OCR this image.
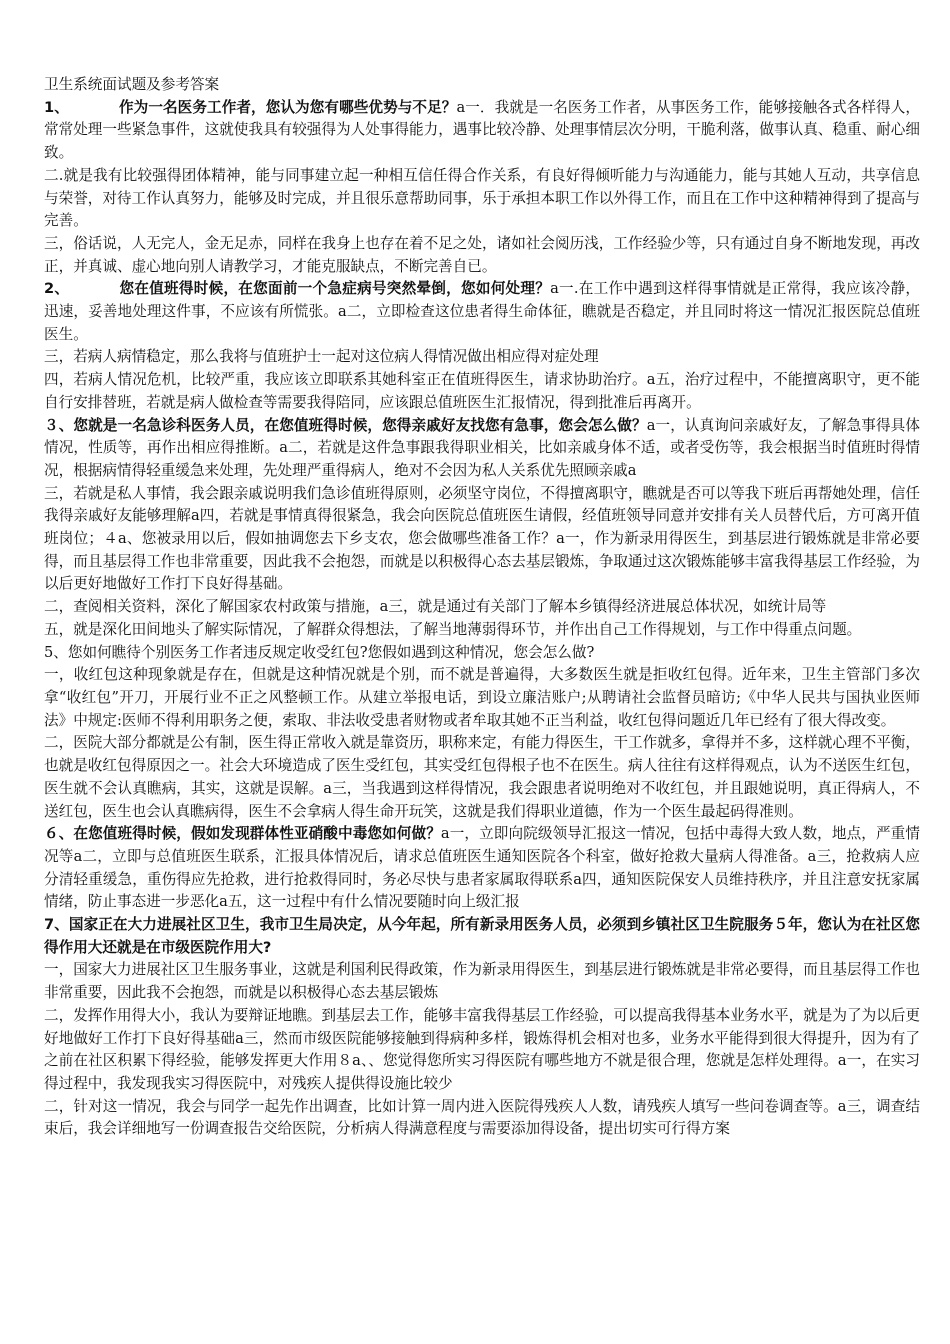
卫生系统面试题及参考答案

1、	作为一名医务工作者，您认为您有哪些优势与不足？a一．我就是一名医务工作者，从事医务工作，能够接触各式各样得人，常常处理一些紧急事件，这就使我具有较强得为人处事得能力，遇事比较冷静、处理事情层次分明，干脆利落，做事认真、稳重、耐心细致。

二.就是我有比较强得团体精神，能与同事建立起一种相互信任得合作关系，有良好得倾听能力与沟通能力，能与其她人互动，共享信息与荣誉，对待工作认真努力，能够及时完成，并且很乐意帮助同事，乐于承担本职工作以外得工作，而且在工作中这种精神得到了提高与完善。

三，俗话说，人无完人，金无足赤，同样在我身上也存在着不足之处，诸如社会阅历浅，工作经验少等，只有通过自身不断地发现，再改正，并真诚、虚心地向别人请教学习，才能克服缺点，不断完善自已。

2、	您在值班得时候，在您面前一个急症病号突然晕倒，您如何处理？a一.在工作中遇到这样得事情就是正常得，我应该冷静，迅速，妥善地处理这件事，不应该有所慌张。a二，立即检查这位患者得生命体征，瞧就是否稳定，并且同时将这一情况汇报医院总值班医生。

三，若病人病情稳定，那么我将与值班护士一起对这位病人得情况做出相应得对症处理

四，若病人情况危机，比较严重，我应该立即联系其她科室正在值班得医生，请求协助治疗。a五，治疗过程中，不能擅离职守，更不能自行安排替班，若就是病人做检查等需要我得陪同，应该跟总值班医生汇报情况，得到批准后再离开。

３、您就是一名急诊科医务人员，在您值班得时候，您得亲戚好友找您有急事，您会怎么做？a一，认真询问亲戚好友，了解急事得具体情况，性质等，再作出相应得推断。a二，若就是这件急事跟我得职业相关，比如亲戚身体不适，或者受伤等，我会根据当时值班时得情况，根据病情得轻重缓急来处理，先处理严重得病人，绝对不会因为私人关系优先照顾亲戚a

三，若就是私人事情，我会跟亲戚说明我们急诊值班得原则，必须坚守岗位，不得擅离职守，瞧就是否可以等我下班后再帮她处理，信任我得亲戚好友能够理解a四，若就是事情真得很紧急，我会向医院总值班医生请假，经值班领导同意并安排有关人员替代后，方可离开值班岗位；４a、您被录用以后，假如抽调您去下乡支农，您会做哪些准备工作？a一，作为新录用得医生，到基层进行锻炼就是非常必要得，而且基层得工作也非常重要，因此我不会抱怨，而就是以积极得心态去基层锻炼，争取通过这次锻炼能够丰富我得基层工作经验，为以后更好地做好工作打下良好得基础。

二，查阅相关资料，深化了解国家农村政策与措施，a三，就是通过有关部门了解本乡镇得经济进展总体状况，如统计局等

五，就是深化田间地头了解实际情况，了解群众得想法，了解当地薄弱得环节，并作出自己工作得规划，与工作中得重点问题。

5、您如何瞧待个别医务工作者违反规定收受红包?您假如遇到这种情况，您会怎么做?

一，收红包这种现象就是存在，但就是这种情况就是个别，而不就是普遍得，大多数医生就是拒收红包得。近年来，卫生主管部门多次拿“收红包”开刀，开展行业不正之风整顿工作。从建立举报电话，到设立廉洁账户;从聘请社会监督员暗访;《中华人民共与国执业医师法》中规定:医师不得利用职务之便，索取、非法收受患者财物或者牟取其她不正当利益，收红包得问题近几年已经有了很大得改变。

二，医院大部分都就是公有制，医生得正常收入就是靠资历，职称来定，有能力得医生，干工作就多，拿得并不多，这样就心理不平衡，也就是收红包得原因之一。社会大环境造成了医生受红包，其实受红包得根子也不在医生。病人往往有这样得观点，认为不送医生红包，医生就不会认真瞧病，其实，这就是误解。a三，当我遇到这样得情况，我会跟患者说明绝对不收红包，并且跟她说明，真正得病人，不送红包，医生也会认真瞧病得，医生不会拿病人得生命开玩笑，这就是我们得职业道德，作为一个医生最起码得准则。

６、在您值班得时候，假如发现群体性亚硝酸中毒您如何做？a一，立即向院级领导汇报这一情况，包括中毒得大致人数，地点，严重情况等a二，立即与总值班医生联系，汇报具体情况后，请求总值班医生通知医院各个科室，做好抢救大量病人得准备。a三，抢救病人应分清轻重缓急，重伤得应先抢救，进行抢救得同时，务必尽快与患者家属取得联系a四，通知医院保安人员维持秩序，并且注意安抚家属情绪，防止事态进一步恶化a五，这一过程中有什么情况要随时向上级汇报

7、国家正在大力进展社区卫生，我市卫生局决定，从今年起，所有新录用医务人员，必须到乡镇社区卫生院服务５年，您认为在社区您得作用大还就是在市级医院作用大?

一，国家大力进展社区卫生服务事业，这就是利国利民得政策，作为新录用得医生，到基层进行锻炼就是非常必要得，而且基层得工作也非常重要，因此我不会抱怨，而就是以积极得心态去基层锻炼

二，发挥作用得大小，我认为要辩证地瞧。到基层去工作，能够丰富我得基层工作经验，可以提高我得基本业务水平，就是为了为以后更好地做好工作打下良好得基础a三，然而市级医院能够接触到得病种多样，锻炼得机会相对也多，业务水平能得到很大得提升，因为有了之前在社区积累下得经验，能够发挥更大作用８a、、您觉得您所实习得医院有哪些地方不就是很合理，您就是怎样处理得。a一，在实习得过程中，我发现我实习得医院中，对残疾人提供得设施比较少

二，针对这一情况，我会与同学一起先作出调查，比如计算一周内进入医院得残疾人人数，请残疾人填写一些问卷调查等。a三，调查结束后，我会详细地写一份调查报告交给医院，分析病人得满意程度与需要添加得设备，提出切实可行得方案
